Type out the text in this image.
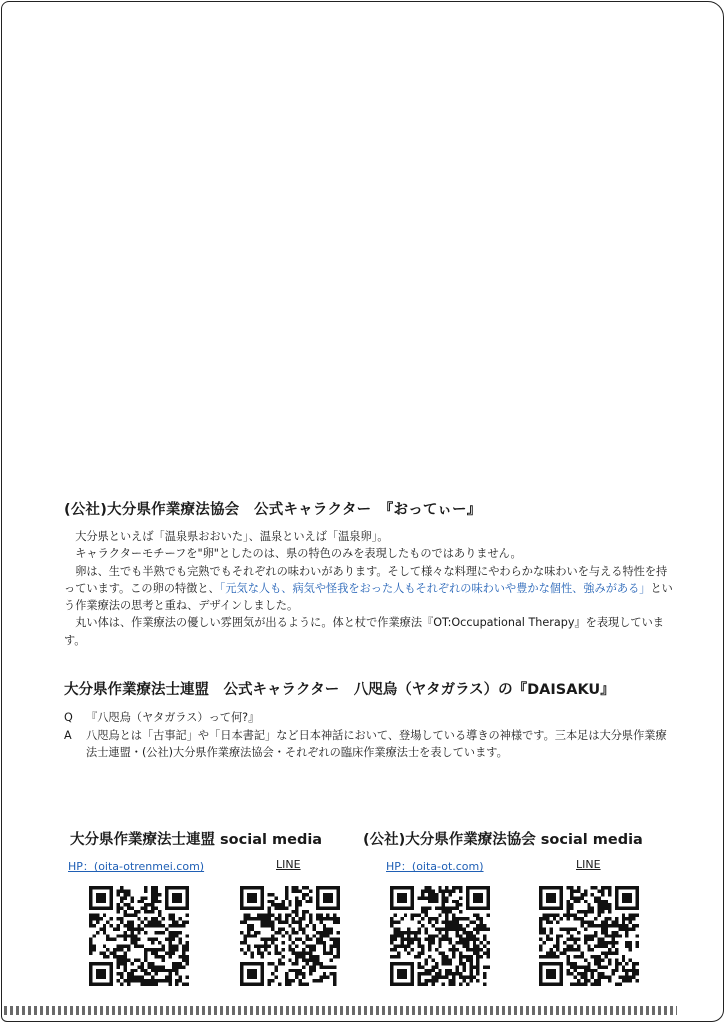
(公社)大分県作業療法協会　公式キャラクター　『おってぃー』

大分県といえば「温泉県おおいた」、温泉といえば「温泉卵」。

キャラクターモチーフを"卵"としたのは、県の特色のみを表現したものではありません。

卵は、生でも半熟でも完熟でもそれぞれの味わいがあります。そして様々な料理にやわらかな味わいを与える特性を持っています。この卵の特徴と、「元気な人も、病気や怪我をおった人もそれぞれの味わいや豊かな個性、強みがある」という作業療法の思考と重ね、デザインしました。

丸い体は、作業療法の優しい雰囲気が出るように。体と杖で作業療法『OT:Occupational Therapy』を表現しています。

大分県作業療法士連盟　公式キャラクター　八咫烏（ヤタガラス）の『DAISAKU』
Q	『八咫烏（ヤタガラス）って何?』
A	八咫烏とは「古事記」や「日本書記」など日本神話において、登場している導きの神様です。三本足は大分県作業療法士連盟・(公社)大分県作業療法協会・それぞれの臨床作業療法士を表しています。
大分県作業療法士連盟 social media	(公社)大分県作業療法協会 social media
HP：(oita-otrenmei.com)	LINE	HP：(oita-ot.com)	LINE
